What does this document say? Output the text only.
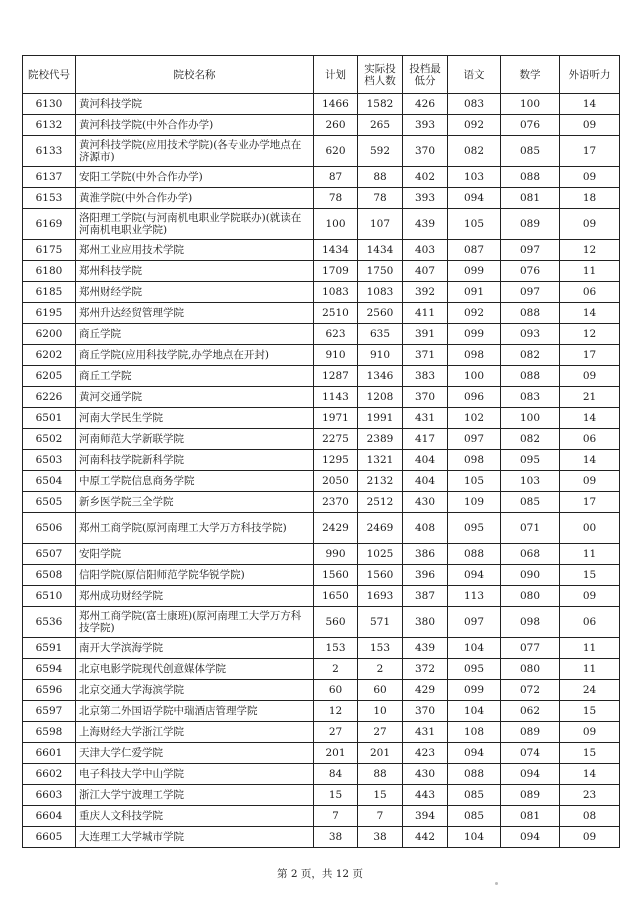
院校代号	院校名称	计划	实际投档人数	投档最低分	语文	数学	外语听力
6130	黄河科技学院	1466	1582	426	083	100	14
6132	黄河科技学院(中外合作办学)	260	265	393	092	076	09
6133	黄河科技学院(应用技术学院)(各专业办学地点在济源市)	620	592	370	082	085	17
6137	安阳工学院(中外合作办学)	87	88	402	103	088	09
6153	黄淮学院(中外合作办学)	78	78	393	094	081	18
6169	洛阳理工学院(与河南机电职业学院联办)(就读在河南机电职业学院)	100	107	439	105	089	09
6175	郑州工业应用技术学院	1434	1434	403	087	097	12
6180	郑州科技学院	1709	1750	407	099	076	11
6185	郑州财经学院	1083	1083	392	091	097	06
6195	郑州升达经贸管理学院	2510	2560	411	092	088	14
6200	商丘学院	623	635	391	099	093	12
6202	商丘学院(应用科技学院,办学地点在开封)	910	910	371	098	082	17
6205	商丘工学院	1287	1346	383	100	088	09
6226	黄河交通学院	1143	1208	370	096	083	21
6501	河南大学民生学院	1971	1991	431	102	100	14
6502	河南师范大学新联学院	2275	2389	417	097	082	06
6503	河南科技学院新科学院	1295	1321	404	098	095	14
6504	中原工学院信息商务学院	2050	2132	404	105	103	09
6505	新乡医学院三全学院	2370	2512	430	109	085	17
6506	郑州工商学院(原河南理工大学万方科技学院)	2429	2469	408	095	071	00
6507	安阳学院	990	1025	386	088	068	11
6508	信阳学院(原信阳师范学院华锐学院)	1560	1560	396	094	090	15
6510	郑州成功财经学院	1650	1693	387	113	080	09
6536	郑州工商学院(富士康班)(原河南理工大学万方科技学院)	560	571	380	097	098	06
6591	南开大学滨海学院	153	153	439	104	077	11
6594	北京电影学院现代创意媒体学院	2	2	372	095	080	11
6596	北京交通大学海滨学院	60	60	429	099	072	24
6597	北京第二外国语学院中瑞酒店管理学院	12	10	370	104	062	15
6598	上海财经大学浙江学院	27	27	431	108	089	09
6601	天津大学仁爱学院	201	201	423	094	074	15
6602	电子科技大学中山学院	84	88	430	088	094	14
6603	浙江大学宁波理工学院	15	15	443	085	089	23
6604	重庆人文科技学院	7	7	394	085	081	08
6605	大连理工大学城市学院	38	38	442	104	094	09
第 2 页，共 12 页
